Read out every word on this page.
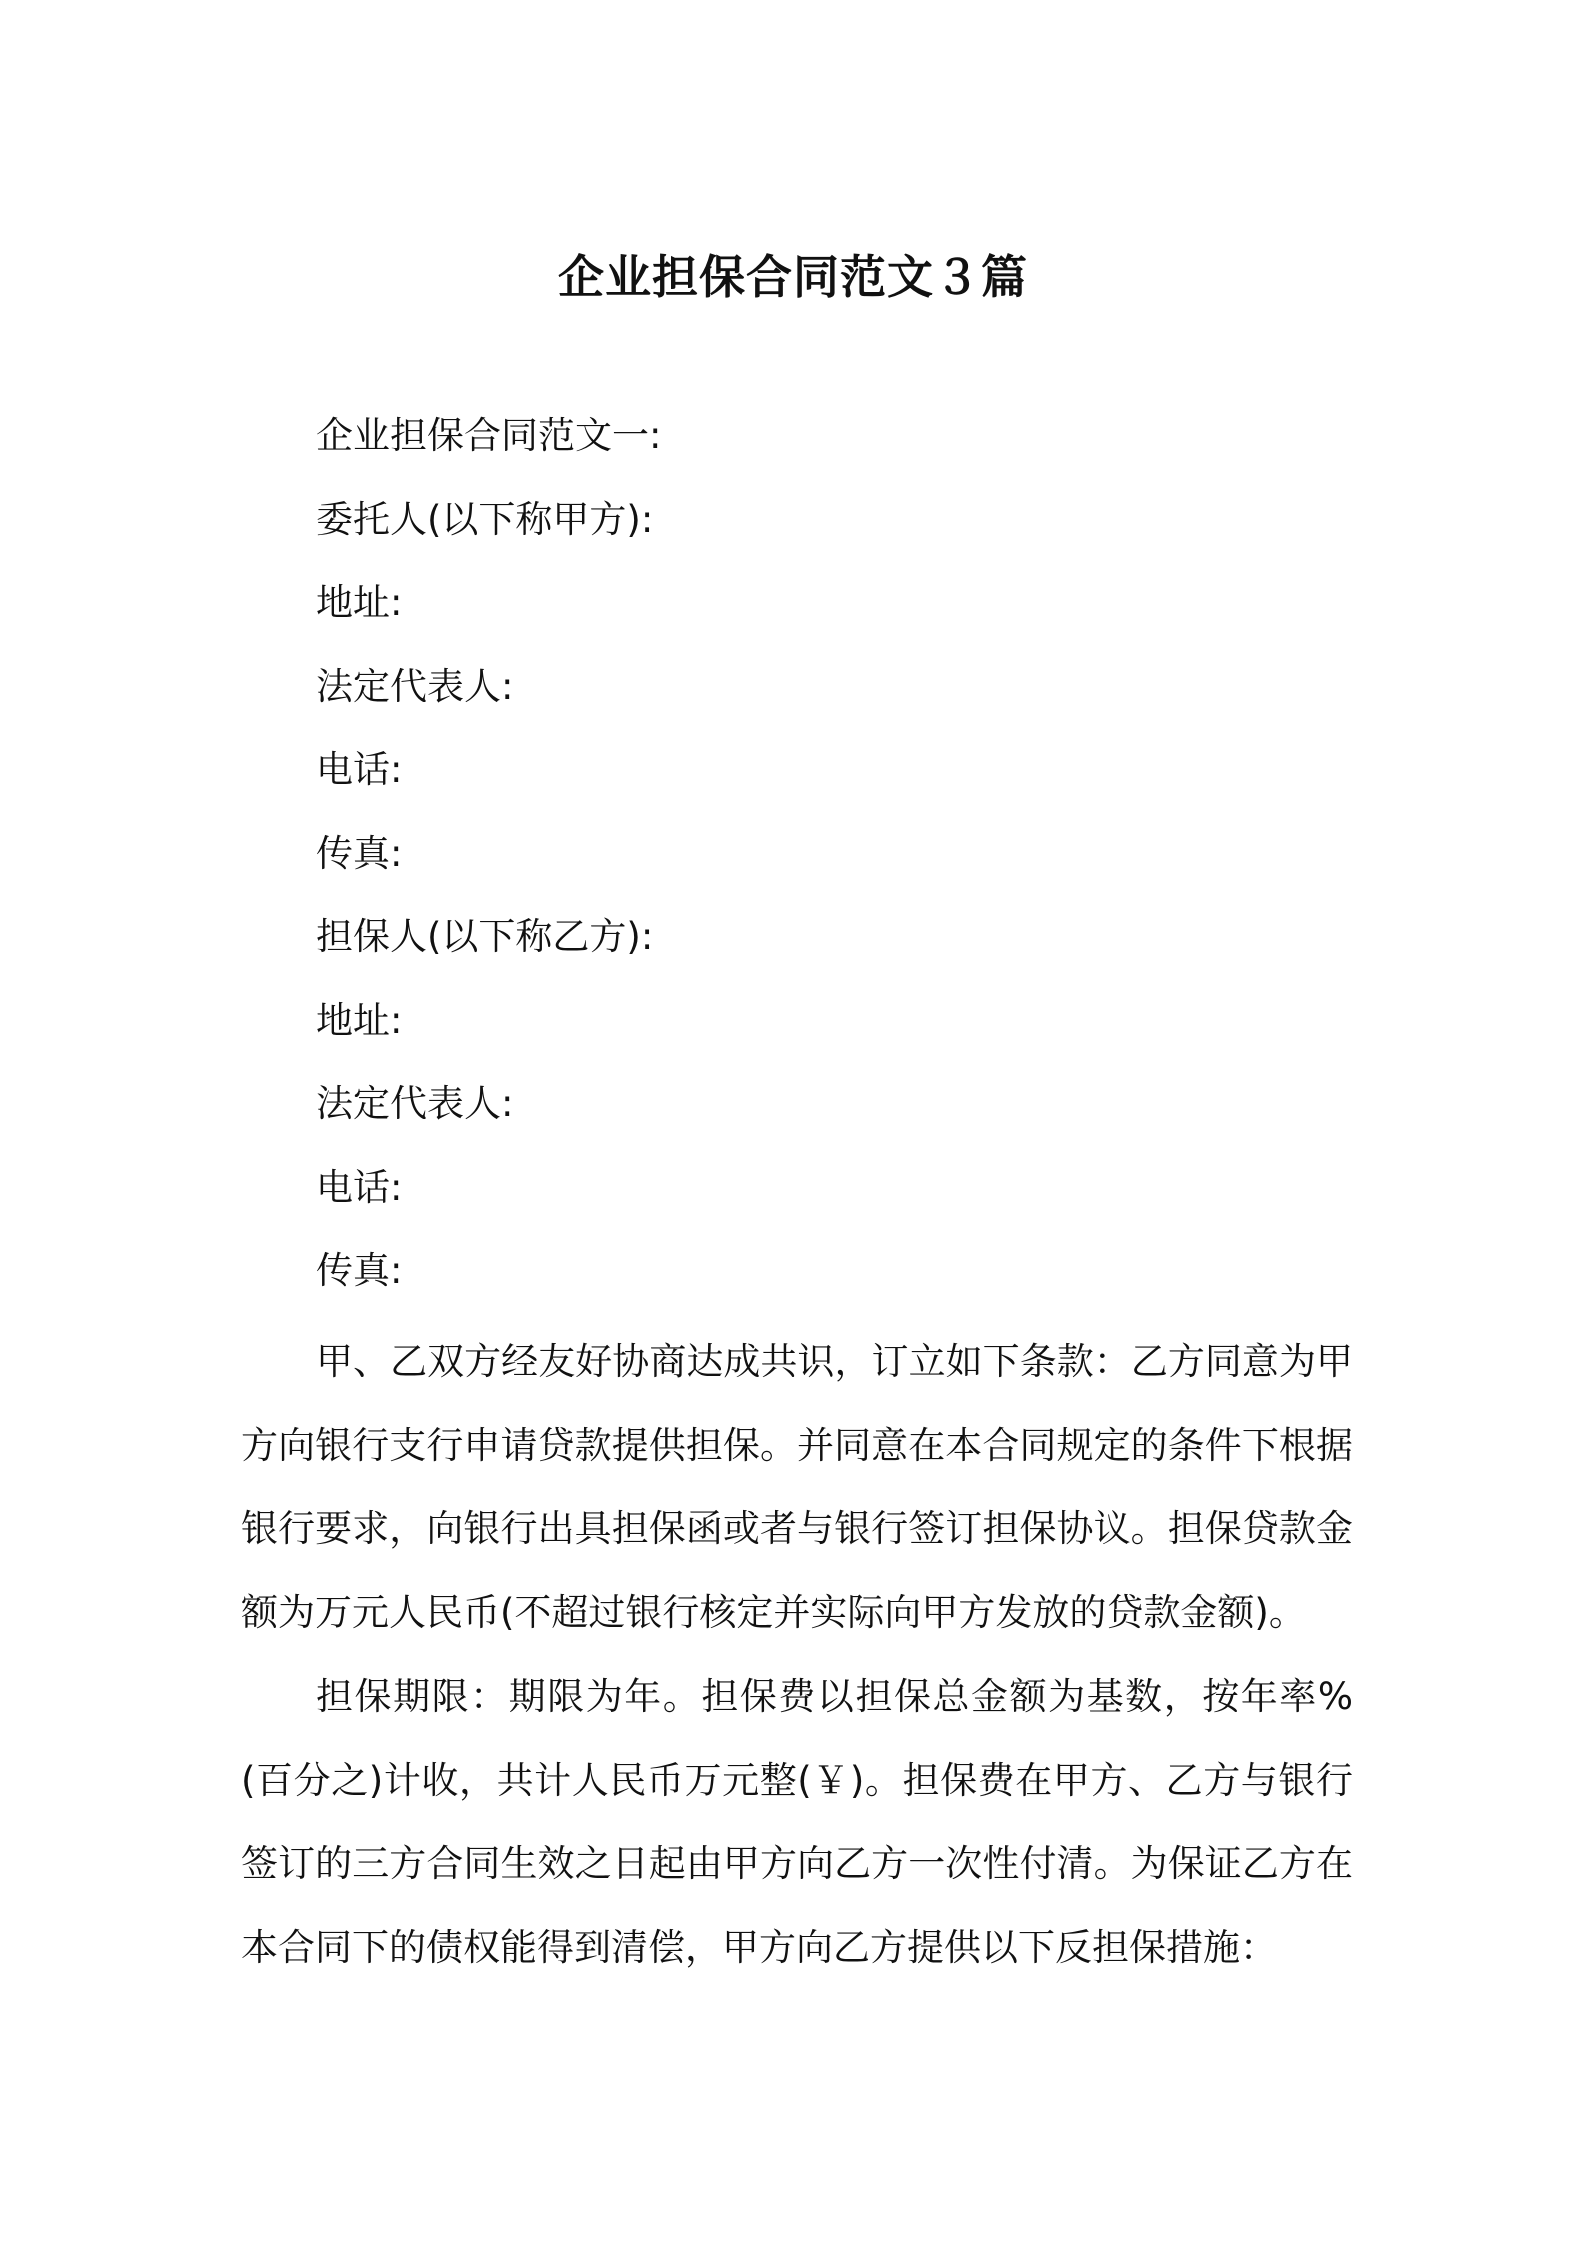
企业担保合同范文３篇
企业担保合同范文一:
委托人(以下称甲方):
地址:
法定代表人:
电话:
传真:
担保人(以下称乙方):
地址:
法定代表人:
电话:
传真:

甲、乙双方经友好协商达成共识，订立如下条款：乙方同意为甲方向银行支行申请贷款提供担保。并同意在本合同规定的条件下根据银行要求，向银行出具担保函或者与银行签订担保协议。担保贷款金额为万元人民币(不超过银行核定并实际向甲方发放的贷款金额)。

担保期限：期限为年。担保费以担保总金额为基数，按年率%(百分之)计收，共计人民币万元整(￥)。担保费在甲方、乙方与银行签订的三方合同生效之日起由甲方向乙方一次性付清。为保证乙方在本合同下的债权能得到清偿，甲方向乙方提供以下反担保措施：
